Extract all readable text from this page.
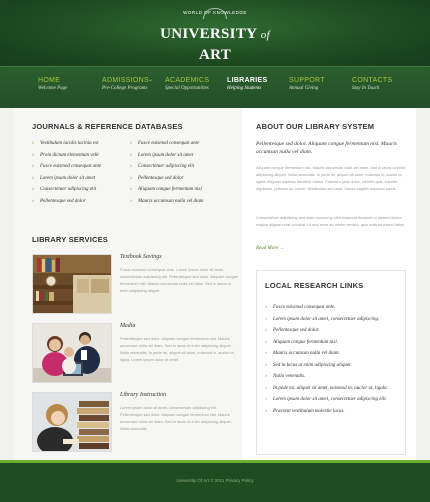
WORLD OF KNOWLEDGE
UNIVERSITY of ART
HOME
Welcome Page
ADMISSIONS
Pre-College Programs
⌄ ACADEMICS
Special Opportunities
LIBRARIES
Helping Students
SUPPORT
Annual Giving
CONTACTS
Stay In Touch
JOURNALS & REFERENCE DATABASES
› Vestibulum iaculis lacinia est
› Proin dictum elementum velit
› Fusce euismod consequat ante
› Lorem ipsum dolor sit amet
› Consectetuer adipiscing elit
› Pellentesque sed dolor
› Fusce euismod consequat ante
› Lorem ipsum dolor sit amet
› Consectetuer adipiscing elit
› Pellentesque sed dolor
› Aliquam congue fermentum nisl
› Mauris accumsan nulla vel diam
LIBRARY SERVICES
Textbook Savings

Fusce euismod consequat ante. Lorem ipsum dolor sit amet, consectetuer adipiscing elit. Pellentesque sed dolor. Aliquam congue fermentum nisl. Mauris accumsan nulla vel diam. Sed in lacus ut enim adipiscing aliquet.

Media

Pellentesque sed dolor. Aliquam congue fermentum nisl. Mauris accumsan nulla vel diam. Sed in lacus ut enim adipiscing aliquet. Nulla venenatis. In pede mi, aliquet sit amet, euismod in, auctor ut, ligula. Lorem ipsum dolor sit amet.

Library Instruction

Lorem ipsum dolor sit amet, consectetuer adipiscing elit. Pellentesque sed dolor. Aliquam congue fermentum nisl. Mauris accumsan nulla vel diam. Sed in lacus ut enim adipiscing aliquet. Nulla venenatis.

ABOUT OUR LIBRARY SYSTEM

Pellentesque sed dolor. Aliquam congue fermentum nisl. Mauris accumsan nulla vel diam.

Aliquam congue fermentum nisl. Mauris accumsan nulla vel diam. Sed in lacus ut enim adipiscing aliquet. Nulla venenatis. In pede mi, aliquet sit amet, euismod in, auctor ut, ligula. Aliquam dapibus tincidunt metus. Praesent justo dolor, lobortis quis, lobortis dignissim, pulvinar ac, lorem. Vestibulum sed ante. Donec sagittis euismod purus.

Consectetuer adipiscing sed diam nonummy nibh euismod tincidunt ut laoreet dolore magna aliquam erat volutpat. Ut wisi enim ad minim veniam, quis nostrud exerci tation.

Read More →
LOCAL RESEARCH LINKS
› Fusce euismod consequat ante.
› Lorem ipsum dolor sit amet, consectetuer adipiscing.
› Pellentesque sed dolor.
› Aliquam congue fermentum nisl.
› Mauris accumsan nulla vel diam.
› Sed in lacus ut enim adipiscing aliquet.
› Nulla venenatis.
› In pede mi, aliquet sit amet, euismod in, auctor ut, ligula.
› Lorem ipsum dolor sit amet, consectetuer adipiscing elit.
› Praesent vestibulum molestie lacus.
University Of Art © 2011 Privacy Policy
